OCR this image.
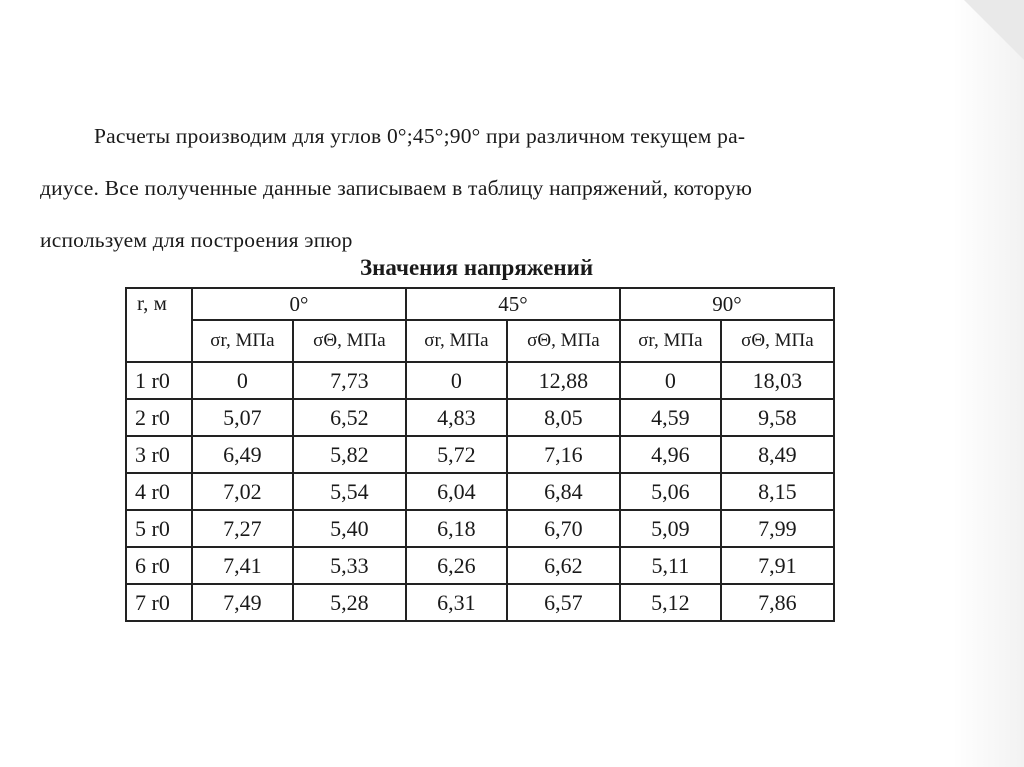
Расчеты производим для углов 0°;45°;90° при различном текущем ра-
диусе. Все полученные данные записываем в таблицу напряжений, которую
используем для построения эпюр
Значения напряжений
r, м	0°		45°		90°	
	σr, МПа	σΘ, МПа	σr, МПа	σΘ, МПа	σr, МПа	σΘ, МПа
1 r0	0	7,73	0	12,88	0	18,03
2 r0	5,07	6,52	4,83	8,05	4,59	9,58
3 r0	6,49	5,82	5,72	7,16	4,96	8,49
4 r0	7,02	5,54	6,04	6,84	5,06	8,15
5 r0	7,27	5,40	6,18	6,70	5,09	7,99
6 r0	7,41	5,33	6,26	6,62	5,11	7,91
7 r0	7,49	5,28	6,31	6,57	5,12	7,86
